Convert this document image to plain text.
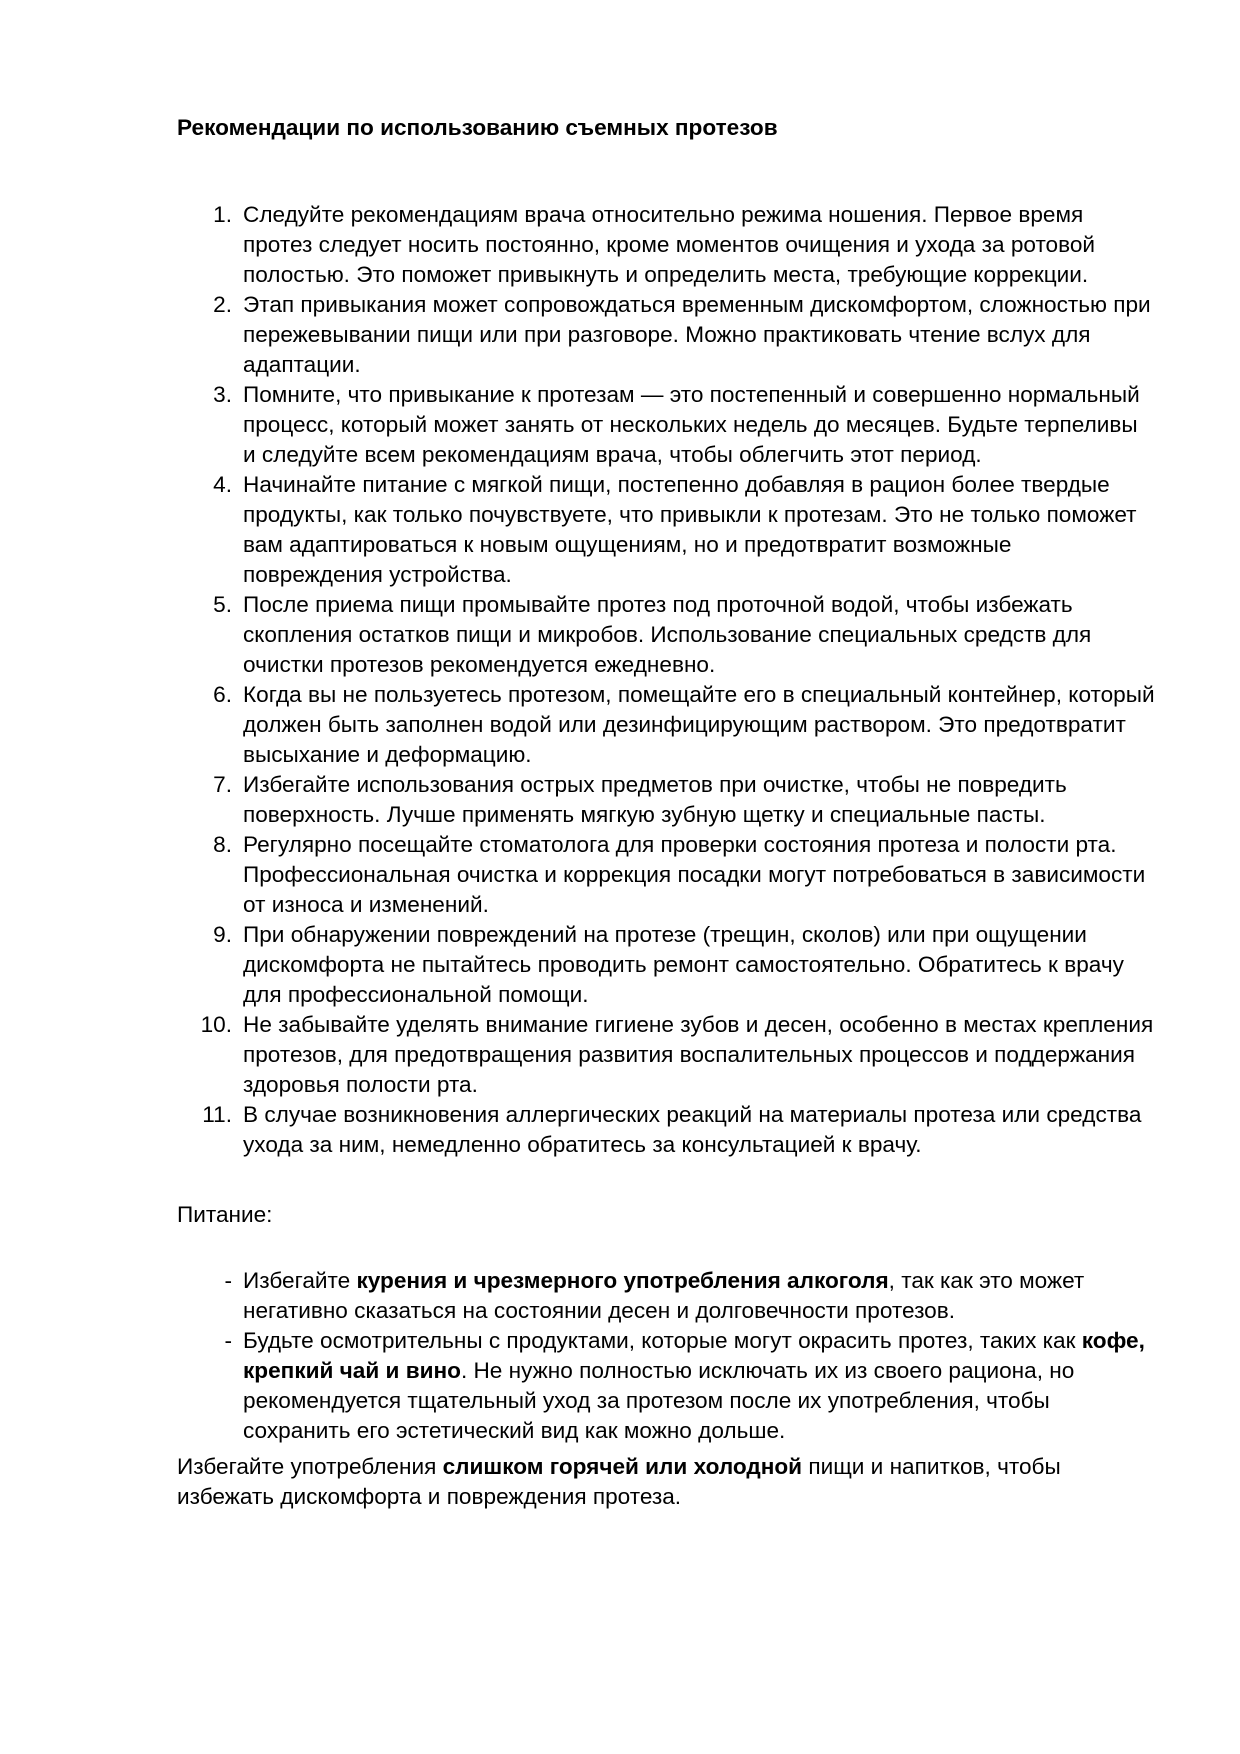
Рекомендации по использованию съемных протезов
1. Следуйте рекомендациям врача относительно режима ношения. Первое время протез следует носить постоянно, кроме моментов очищения и ухода за ротовой полостью. Это поможет привыкнуть и определить места, требующие коррекции.
2. Этап привыкания может сопровождаться временным дискомфортом, сложностью при пережевывании пищи или при разговоре. Можно практиковать чтение вслух для адаптации.
3. Помните, что привыкание к протезам — это постепенный и совершенно нормальный процесс, который может занять от нескольких недель до месяцев. Будьте терпеливы и следуйте всем рекомендациям врача, чтобы облегчить этот период.
4. Начинайте питание с мягкой пищи, постепенно добавляя в рацион более твердые продукты, как только почувствуете, что привыкли к протезам. Это не только поможет вам адаптироваться к новым ощущениям, но и предотвратит возможные повреждения устройства.
5. После приема пищи промывайте протез под проточной водой, чтобы избежать скопления остатков пищи и микробов. Использование специальных средств для очистки протезов рекомендуется ежедневно.
6. Когда вы не пользуетесь протезом, помещайте его в специальный контейнер, который должен быть заполнен водой или дезинфицирующим раствором. Это предотвратит высыхание и деформацию.
7. Избегайте использования острых предметов при очистке, чтобы не повредить поверхность. Лучше применять мягкую зубную щетку и специальные пасты.
8. Регулярно посещайте стоматолога для проверки состояния протеза и полости рта. Профессиональная очистка и коррекция посадки могут потребоваться в зависимости от износа и изменений.
9. При обнаружении повреждений на протезе (трещин, сколов) или при ощущении дискомфорта не пытайтесь проводить ремонт самостоятельно. Обратитесь к врачу для профессиональной помощи.
10. Не забывайте уделять внимание гигиене зубов и десен, особенно в местах крепления протезов, для предотвращения развития воспалительных процессов и поддержания здоровья полости рта.
11. В случае возникновения аллергических реакций на материалы протеза или средства ухода за ним, немедленно обратитесь за консультацией к врачу.

Питание:

- Избегайте курения и чрезмерного употребления алкоголя, так как это может негативно сказаться на состоянии десен и долговечности протезов.
- Будьте осмотрительны с продуктами, которые могут окрасить протез, таких как кофе, крепкий чай и вино. Не нужно полностью исключать их из своего рациона, но рекомендуется тщательный уход за протезом после их употребления, чтобы сохранить его эстетический вид как можно дольше.

Избегайте употребления слишком горячей или холодной пищи и напитков, чтобы избежать дискомфорта и повреждения протеза.
